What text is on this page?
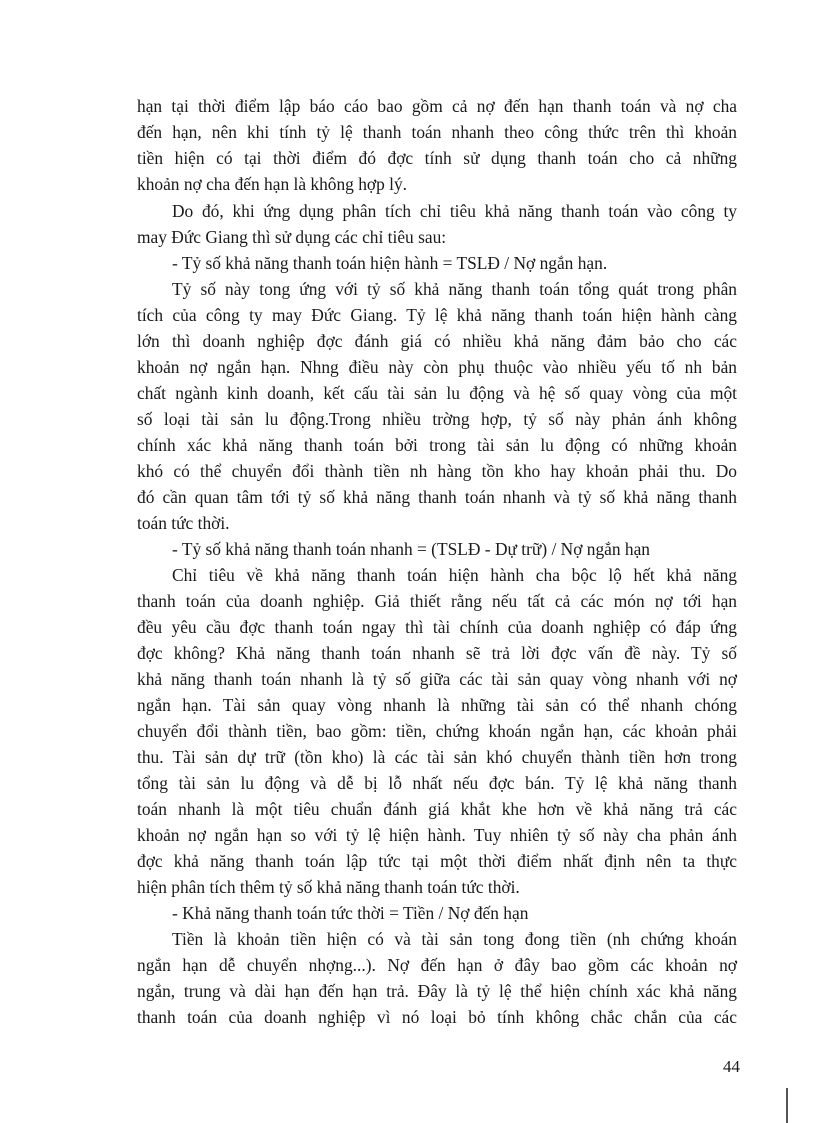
hạn tại thời điểm lập báo cáo bao gồm cả nợ đến hạn thanh toán và nợ cha

đến hạn, nên khi tính tỷ lệ thanh toán nhanh theo công thức trên thì khoản

tiền hiện có tại thời điểm đó đợc tính sử dụng thanh toán cho cả những

khoản nợ cha đến hạn là không hợp lý.

Do đó, khi ứng dụng phân tích chỉ tiêu khả năng thanh toán vào công ty

may Đức Giang thì sử dụng các chỉ tiêu sau:

- Tỷ số khả năng thanh toán hiện hành = TSLĐ / Nợ ngắn hạn.

Tỷ số này tong ứng với tỷ số khả năng thanh toán tổng quát trong phân

tích của công ty may Đức Giang. Tỷ lệ khả năng thanh toán hiện hành càng

lớn thì doanh nghiệp đợc đánh giá có nhiều khả năng đảm bảo cho các

khoản nợ ngắn hạn. Nhng điều này còn phụ thuộc vào nhiều yếu tố nh bản

chất ngành kinh doanh, kết cấu tài sản lu động và hệ số quay vòng của một

số loại tài sản lu động.Trong nhiều trờng hợp, tỷ số này phản ánh không

chính xác khả năng thanh toán bởi trong tài sản lu động có những khoản

khó có thể chuyển đổi thành tiền nh hàng tồn kho hay khoản phải thu. Do

đó cần quan tâm tới tỷ số khả năng thanh toán nhanh và tỷ số khả năng thanh

toán tức thời.

- Tỷ số khả năng thanh toán nhanh = (TSLĐ - Dự trữ) / Nợ ngắn hạn

Chỉ tiêu về khả năng thanh toán hiện hành cha bộc lộ hết khả năng

thanh toán của doanh nghiệp. Giả thiết rằng nếu tất cả các món nợ tới hạn

đều yêu cầu đợc thanh toán ngay thì tài chính của doanh nghiệp có đáp ứng

đợc không? Khả năng thanh toán nhanh sẽ trả lời đợc vấn đề này. Tỷ số

khả năng thanh toán nhanh là tỷ số giữa các tài sản quay vòng nhanh với nợ

ngắn hạn. Tài sản quay vòng nhanh là những tài sản có thể nhanh chóng

chuyển đổi thành tiền, bao gồm: tiền, chứng khoán ngắn hạn, các khoản phải

thu. Tài sản dự trữ (tồn kho) là các tài sản khó chuyển thành tiền hơn trong

tổng tài sản lu động và dễ bị lỗ nhất nếu đợc bán. Tỷ lệ khả năng thanh

toán nhanh là một tiêu chuẩn đánh giá khắt khe hơn về khả năng trả các

khoản nợ ngắn hạn so với tỷ lệ hiện hành. Tuy nhiên tỷ số này cha phản ánh

đợc khả năng thanh toán lập tức tại một thời điểm nhất định nên ta thực

hiện phân tích thêm tỷ số khả năng thanh toán tức thời.

- Khả năng thanh toán tức thời = Tiền / Nợ đến hạn

Tiền là khoản tiền hiện có và tài sản tong đong tiền (nh chứng khoán

ngắn hạn dễ chuyển nhợng...). Nợ đến hạn ở đây bao gồm các khoản nợ

ngắn, trung và dài hạn đến hạn trả. Đây là tỷ lệ thể hiện chính xác khả năng

thanh toán của doanh nghiệp vì nó loại bỏ tính không chắc chắn của các

44
